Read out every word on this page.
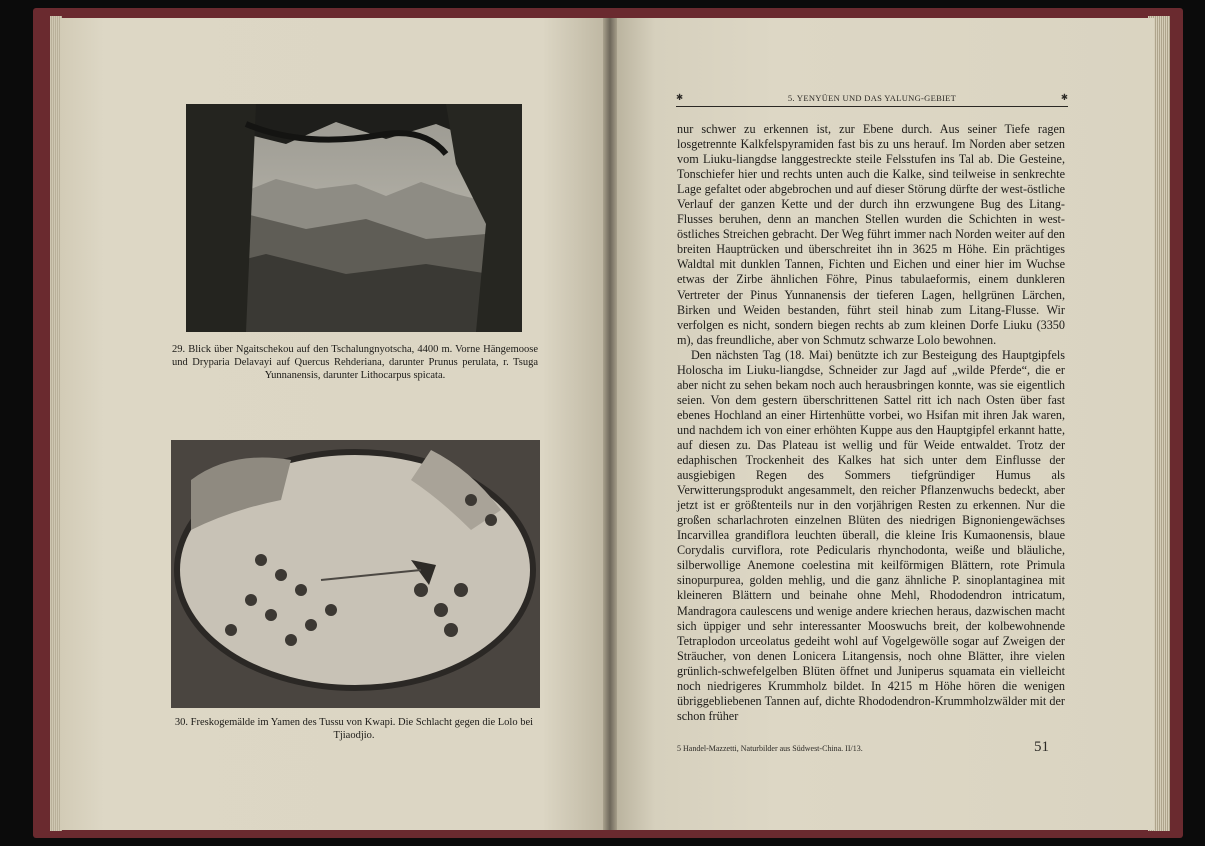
29. Blick über Ngaitschekou auf den Tschalungnyotscha, 4400 m. Vorne Hängemoose und Dryparia Delavayi auf Quercus Rehderiana, darunter Prunus perulata, r. Tsuga Yunnanensis, darunter Lithocarpus spicata.
30. Freskogemälde im Yamen des Tussu von Kwapi. Die Schlacht gegen die Lolo bei Tjiaodjio.
✱	5. YENYÜEN UND DAS YALUNG-GEBIET	✱

nur schwer zu erkennen ist, zur Ebene durch. Aus seiner Tiefe ragen losgetrennte Kalkfelspyramiden fast bis zu uns herauf. Im Norden aber setzen vom Liuku-liangdse langgestreckte steile Felsstufen ins Tal ab. Die Gesteine, Tonschiefer hier und rechts unten auch die Kalke, sind teilweise in senkrechte Lage gefaltet oder abgebrochen und auf dieser Störung dürfte der west-östliche Verlauf der ganzen Kette und der durch ihn erzwungene Bug des Litang-Flusses beruhen, denn an manchen Stellen wurden die Schichten in west-östliches Streichen gebracht. Der Weg führt immer nach Norden weiter auf den breiten Hauptrücken und überschreitet ihn in 3625 m Höhe. Ein prächtiges Waldtal mit dunklen Tannen, Fichten und Eichen und einer hier im Wuchse etwas der Zirbe ähnlichen Föhre, Pinus tabulaeformis, einem dunkleren Vertreter der Pinus Yunnanensis der tieferen Lagen, hellgrünen Lärchen, Birken und Weiden bestanden, führt steil hinab zum Litang-Flusse. Wir verfolgen es nicht, sondern biegen rechts ab zum kleinen Dorfe Liuku (3350 m), das freundliche, aber von Schmutz schwarze Lolo bewohnen.

Den nächsten Tag (18. Mai) benützte ich zur Besteigung des Hauptgipfels Holoscha im Liuku-liangdse, Schneider zur Jagd auf „wilde Pferde“, die er aber nicht zu sehen bekam noch auch herausbringen konnte, was sie eigentlich seien. Von dem gestern überschrittenen Sattel ritt ich nach Osten über fast ebenes Hochland an einer Hirtenhütte vorbei, wo Hsifan mit ihren Jak waren, und nachdem ich von einer erhöhten Kuppe aus den Hauptgipfel erkannt hatte, auf diesen zu. Das Plateau ist wellig und für Weide entwaldet. Trotz der edaphischen Trockenheit des Kalkes hat sich unter dem Einflusse der ausgiebigen Regen des Sommers tiefgründiger Humus als Verwitterungsprodukt angesammelt, den reicher Pflanzenwuchs bedeckt, aber jetzt ist er größtenteils nur in den vorjährigen Resten zu erkennen. Nur die großen scharlachroten einzelnen Blüten des niedrigen Bignoniengewächses Incarvillea grandiflora leuchten überall, die kleine Iris Kumaonensis, blaue Corydalis curviflora, rote Pedicularis rhynchodonta, weiße und bläuliche, silberwollige Anemone coelestina mit keilförmigen Blättern, rote Primula sinopurpurea, golden mehlig, und die ganz ähnliche P. sinoplantaginea mit kleineren Blättern und beinahe ohne Mehl, Rhododendron intricatum, Mandragora caulescens und wenige andere kriechen heraus, dazwischen macht sich üppiger und sehr interessanter Mooswuchs breit, der kolbewohnende Tetraplodon urceolatus gedeiht wohl auf Vogelgewölle sogar auf Zweigen der Sträucher, von denen Lonicera Litangensis, noch ohne Blätter, ihre vielen grünlich-schwefelgelben Blüten öffnet und Juniperus squamata ein vielleicht noch niedrigeres Krummholz bildet. In 4215 m Höhe hören die wenigen übriggebliebenen Tannen auf, dichte Rhododendron-Krummholzwälder mit der schon früher

5 Handel-Mazzetti, Naturbilder aus Südwest-China. II/13.	51
